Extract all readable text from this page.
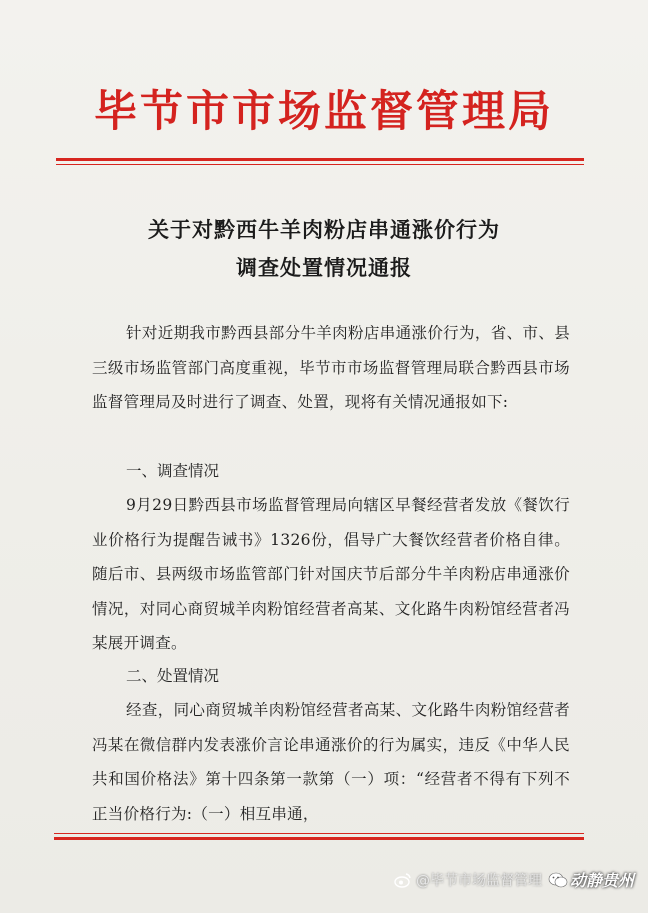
毕节市市场监督管理局
关于对黔西牛羊肉粉店串通涨价行为
调查处置情况通报
针对近期我市黔西县部分牛羊肉粉店串通涨价行为，省、市、县三级市场监管部门高度重视，毕节市市场监督管理局联合黔西县市场监督管理局及时进行了调查、处置，现将有关情况通报如下:
一、调查情况
9月29日黔西县市场监督管理局向辖区早餐经营者发放《餐饮行业价格行为提醒告诫书》1326份，倡导广大餐饮经营者价格自律。随后市、县两级市场监管部门针对国庆节后部分牛羊肉粉店串通涨价情况，对同心商贸城羊肉粉馆经营者高某、文化路牛肉粉馆经营者冯某展开调查。
二、处置情况
经查，同心商贸城羊肉粉馆经营者高某、文化路牛肉粉馆经营者冯某在微信群内发表涨价言论串通涨价的行为属实，违反《中华人民共和国价格法》第十四条第一款第（一）项：“经营者不得有下列不正当价格行为:（一）相互串通，
@毕节市场监督管理 动静贵州
